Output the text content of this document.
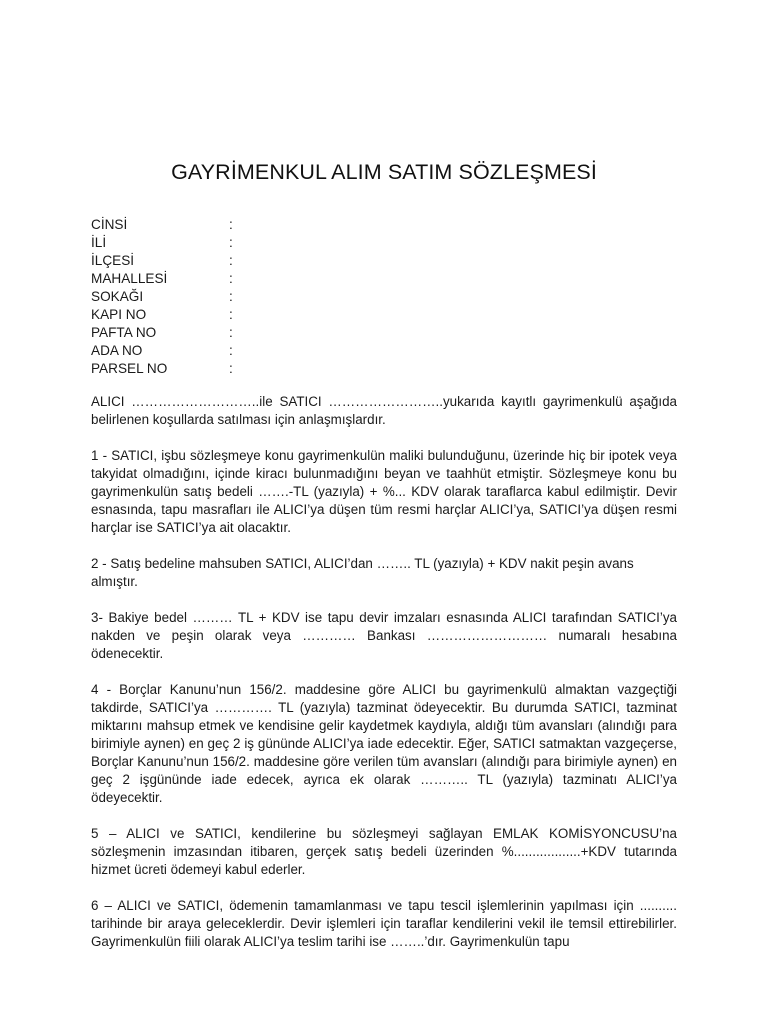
GAYRİMENKUL ALIM SATIM SÖZLEŞMESİ
CİNSİ	:
İLİ	:
İLÇESİ	:
MAHALLESİ	:
SOKAĞI	:
KAPI NO	:
PAFTA NO	:
ADA NO	:
PARSEL NO	:

ALICI ………………………..ile SATICI ……………………..yukarıda kayıtlı gayrimenkulü aşağıda belirlenen koşullarda satılması için anlaşmışlardır.

1 - SATICI, işbu sözleşmeye konu gayrimenkulün maliki bulunduğunu, üzerinde hiç bir ipotek veya takyidat olmadığını, içinde kiracı bulunmadığını beyan ve taahhüt etmiştir. Sözleşmeye konu bu gayrimenkulün satış bedeli …….-TL (yazıyla) + %... KDV olarak taraflarca kabul edilmiştir. Devir esnasında, tapu masrafları ile ALICI’ya düşen tüm resmi harçlar ALICI’ya, SATICI’ya düşen resmi harçlar ise SATICI’ya ait olacaktır.

2 - Satış bedeline mahsuben SATICI, ALICI’dan …….. TL (yazıyla) + KDV nakit peşin avans almıştır.

3- Bakiye bedel ……… TL + KDV ise tapu devir imzaları esnasında ALICI tarafından SATICI’ya nakden ve peşin olarak veya ………… Bankası ……………………… numaralı hesabına ödenecektir.

4 - Borçlar Kanunu’nun 156/2. maddesine göre ALICI bu gayrimenkulü almaktan vazgeçtiği takdirde, SATICI’ya …………. TL (yazıyla) tazminat ödeyecektir. Bu durumda SATICI, tazminat miktarını mahsup etmek ve kendisine gelir kaydetmek kaydıyla, aldığı tüm avansları (alındığı para birimiyle aynen) en geç 2 iş gününde ALICI’ya iade edecektir. Eğer, SATICI satmaktan vazgeçerse, Borçlar Kanunu’nun 156/2. maddesine göre verilen tüm avansları (alındığı para birimiyle aynen) en geç 2 işgününde iade edecek, ayrıca ek olarak ……….. TL (yazıyla) tazminatı ALICI’ya ödeyecektir.

5 – ALICI ve SATICI, kendilerine bu sözleşmeyi sağlayan EMLAK KOMİSYONCUSU’na sözleşmenin imzasından itibaren, gerçek satış bedeli üzerinden %..................+KDV tutarında hizmet ücreti ödemeyi kabul ederler.

6 – ALICI ve SATICI, ödemenin tamamlanması ve tapu tescil işlemlerinin yapılması için .......... tarihinde bir araya geleceklerdir. Devir işlemleri için taraflar kendilerini vekil ile temsil ettirebilirler. Gayrimenkulün fiili olarak ALICI’ya teslim tarihi ise ……..’dır. Gayrimenkulün tapu
